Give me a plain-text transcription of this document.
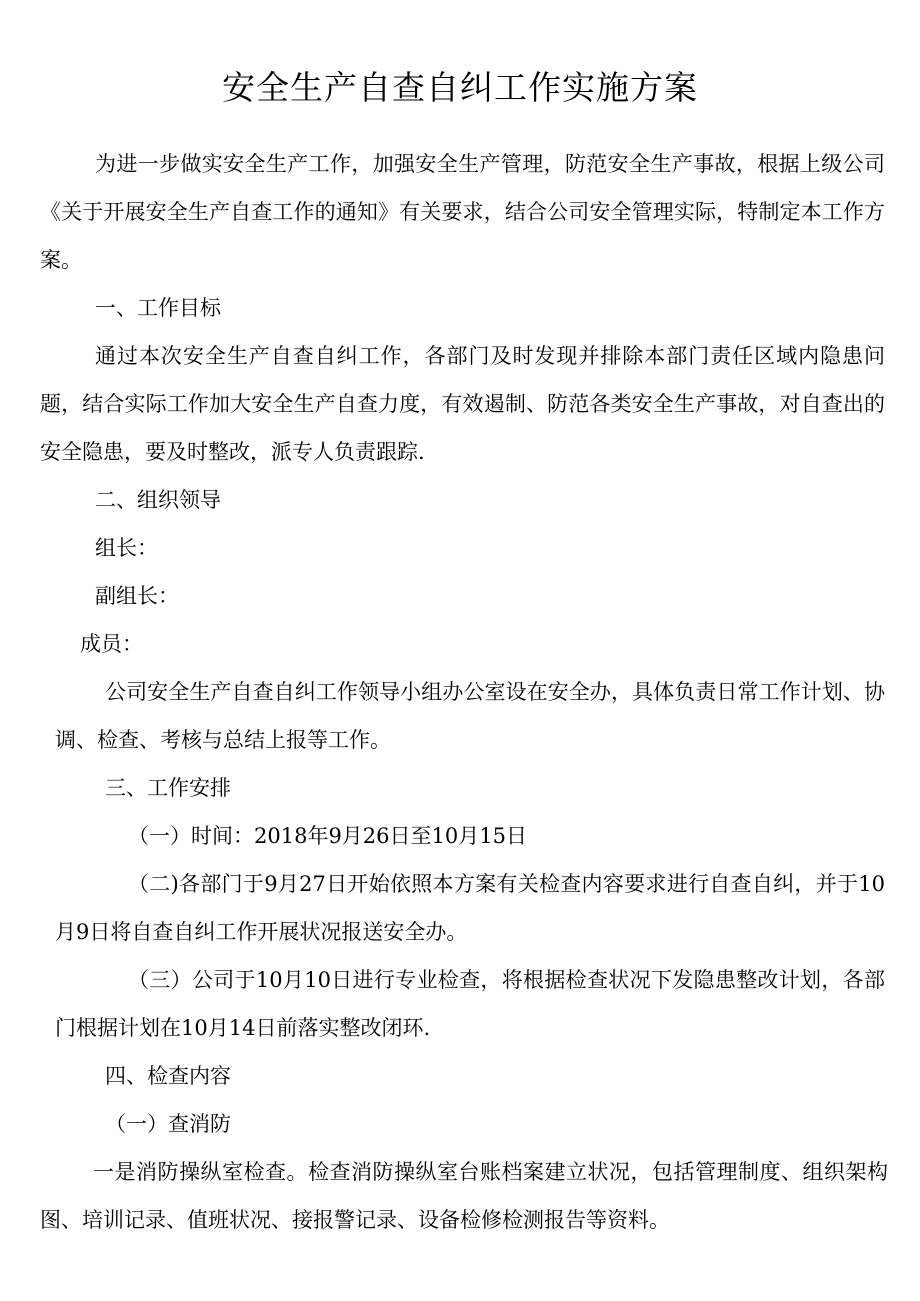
安全生产自查自纠工作实施方案

为进一步做实安全生产工作，加强安全生产管理，防范安全生产事故，根据上级公司《关于开展安全生产自查工作的通知》有关要求，结合公司安全管理实际，特制定本工作方案。

一、工作目标

通过本次安全生产自查自纠工作，各部门及时发现并排除本部门责任区域内隐患问题，结合实际工作加大安全生产自查力度，有效遏制、防范各类安全生产事故，对自查出的安全隐患，要及时整改，派专人负责跟踪.

二、组织领导

组长：

副组长：

成员：

公司安全生产自查自纠工作领导小组办公室设在安全办，具体负责日常工作计划、协调、检查、考核与总结上报等工作。

三、工作安排

（一）时间：2018年9月26日至10月15日

（二)各部门于9月27日开始依照本方案有关检查内容要求进行自查自纠，并于10月9日将自查自纠工作开展状况报送安全办。

（三）公司于10月10日进行专业检查，将根据检查状况下发隐患整改计划，各部门根据计划在10月14日前落实整改闭环.

四、检查内容

（一）查消防

一是消防操纵室检查。检查消防操纵室台账档案建立状况，包括管理制度、组织架构图、培训记录、值班状况、接报警记录、设备检修检测报告等资料。
